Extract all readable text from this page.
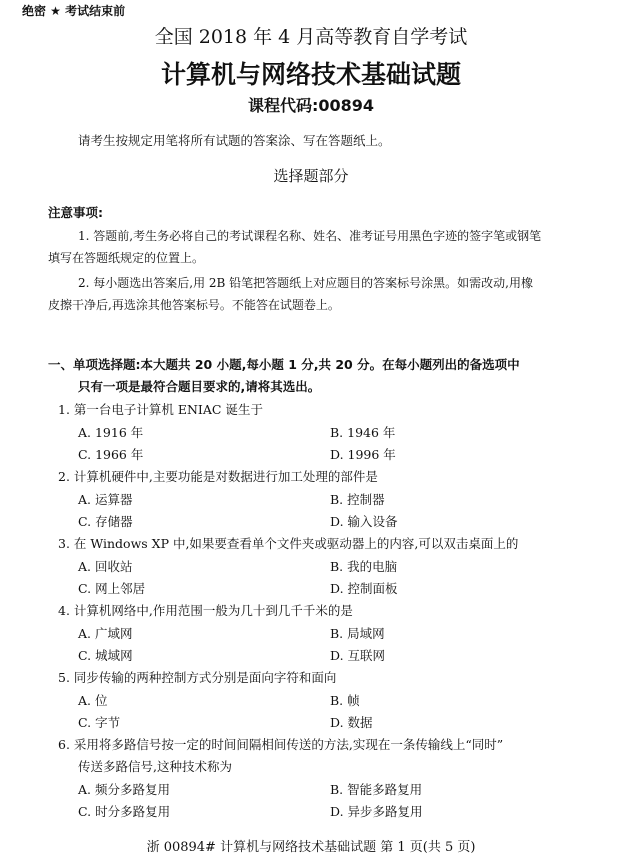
绝密 ★ 考试结束前
全国 2018 年 4 月高等教育自学考试
计算机与网络技术基础试题
课程代码:00894
请考生按规定用笔将所有试题的答案涂、写在答题纸上。
选择题部分
注意事项:
1. 答题前,考生务必将自己的考试课程名称、姓名、准考证号用黑色字迹的签字笔或钢笔
填写在答题纸规定的位置上。
2. 每小题选出答案后,用 2B 铅笔把答题纸上对应题目的答案标号涂黑。如需改动,用橡
皮擦干净后,再选涂其他答案标号。不能答在试题卷上。
一、单项选择题:本大题共 20 小题,每小题 1 分,共 20 分。在每小题列出的备选项中
只有一项是最符合题目要求的,请将其选出。
1. 第一台电子计算机 ENIAC 诞生于
A. 1916 年	B. 1946 年
C. 1966 年	D. 1996 年
2. 计算机硬件中,主要功能是对数据进行加工处理的部件是
A. 运算器	B. 控制器
C. 存储器	D. 输入设备
3. 在 Windows XP 中,如果要查看单个文件夹或驱动器上的内容,可以双击桌面上的
A. 回收站	B. 我的电脑
C. 网上邻居	D. 控制面板
4. 计算机网络中,作用范围一般为几十到几千千米的是
A. 广域网	B. 局域网
C. 城域网	D. 互联网
5. 同步传输的两种控制方式分别是面向字符和面向
A. 位	B. 帧
C. 字节	D. 数据
6. 采用将多路信号按一定的时间间隔相间传送的方法,实现在一条传输线上“同时”
传送多路信号,这种技术称为
A. 频分多路复用	B. 智能多路复用
C. 时分多路复用	D. 异步多路复用
浙 00894# 计算机与网络技术基础试题 第 1 页(共 5 页)
